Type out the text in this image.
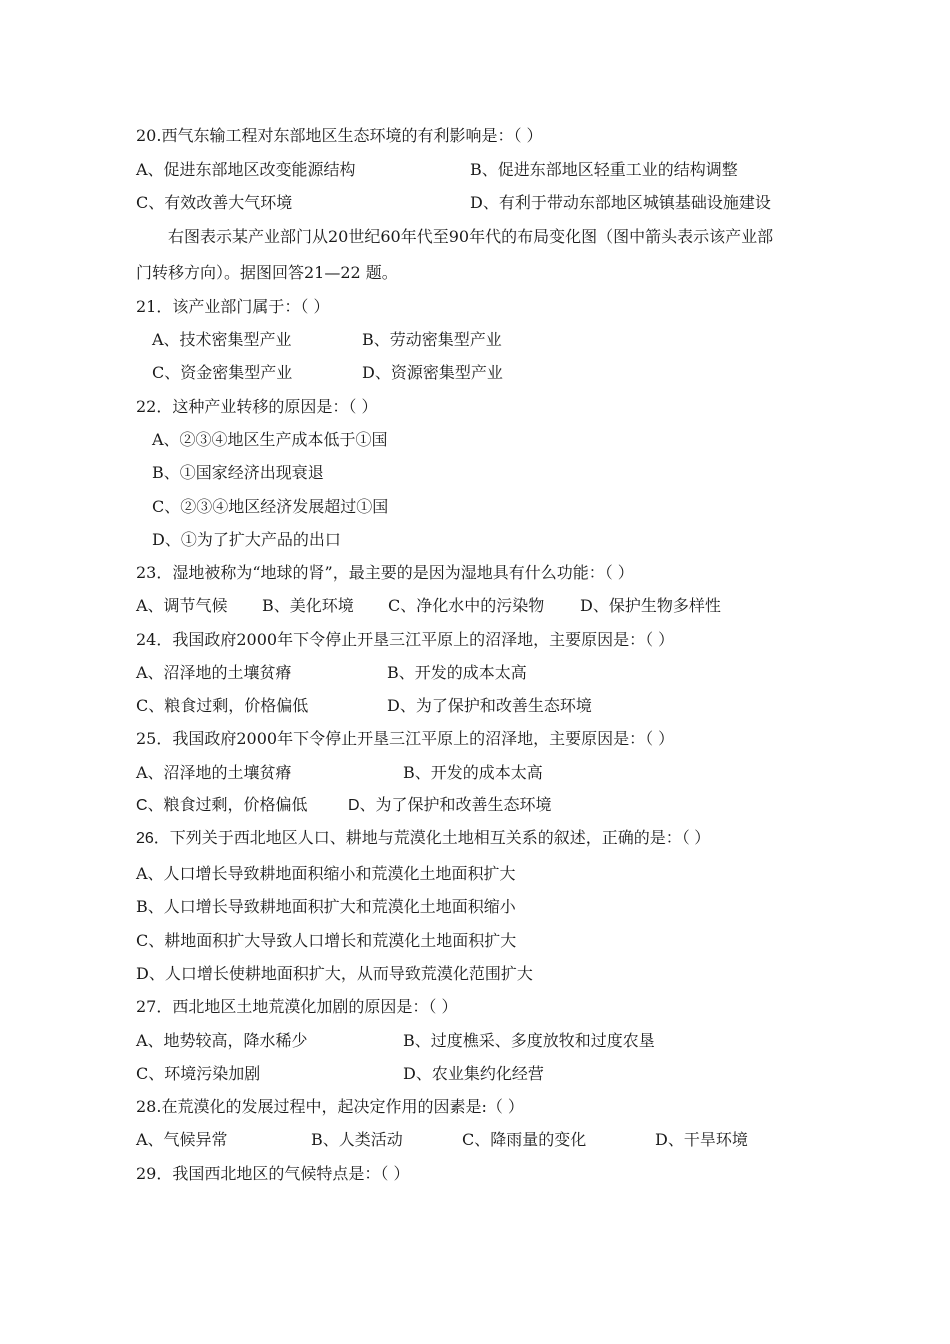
20.西气东输工程对东部地区生态环境的有利影响是：（ ）
A、促进东部地区改变能源结构	B、促进东部地区轻重工业的结构调整
C、有效改善大气环境	D、有利于带动东部地区城镇基础设施建设
右图表示某产业部门从20世纪60年代至90年代的布局变化图（图中箭头表示该产业部
门转移方向）。据图回答21—22 题。
21．该产业部门属于：（ ）
A、技术密集型产业	B、劳动密集型产业
C、资金密集型产业	D、资源密集型产业
22．这种产业转移的原因是：（ ）
A、②③④地区生产成本低于①国
B、①国家经济出现衰退
C、②③④地区经济发展超过①国
D、①为了扩大产品的出口
23．湿地被称为“地球的肾”，最主要的是因为湿地具有什么功能：（ ）
A、调节气候 B、美化环境 C、净化水中的污染物 D、保护生物多样性
24．我国政府2000年下令停止开垦三江平原上的沼泽地，主要原因是：（ ）
A、沼泽地的土壤贫瘠	B、开发的成本太高
C、粮食过剩，价格偏低	D、为了保护和改善生态环境
25．我国政府2000年下令停止开垦三江平原上的沼泽地，主要原因是：（ ）
A、沼泽地的土壤贫瘠	B、开发的成本太高
C、粮食过剩，价格偏低	D、为了保护和改善生态环境
26．下列关于西北地区人口、耕地与荒漠化土地相互关系的叙述，正确的是：（ ）
A、人口增长导致耕地面积缩小和荒漠化土地面积扩大
B、人口增长导致耕地面积扩大和荒漠化土地面积缩小
C、耕地面积扩大导致人口增长和荒漠化土地面积扩大
D、人口增长使耕地面积扩大，从而导致荒漠化范围扩大
27．西北地区土地荒漠化加剧的原因是：（ ）
A、地势较高，降水稀少	B、过度樵采、多度放牧和过度农垦
C、环境污染加剧	D、农业集约化经营
28.在荒漠化的发展过程中，起决定作用的因素是:（ ）
A、气候异常	B、人类活动	C、降雨量的变化	D、干旱环境
29．我国西北地区的气候特点是：（ ）
